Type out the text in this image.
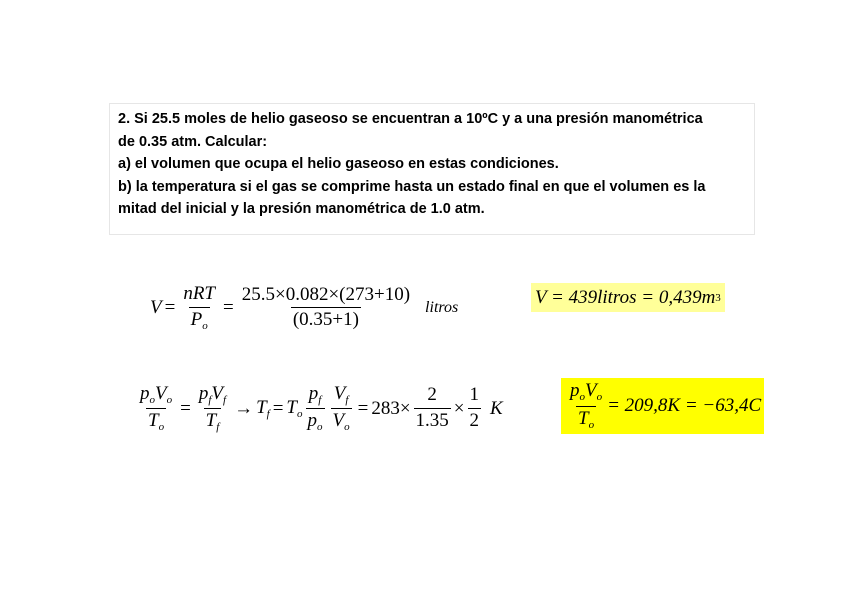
2. Si 25.5 moles de helio gaseoso se encuentran a 10ºC y a una presión manométrica

de 0.35 atm. Calcular:

a) el volumen que ocupa el helio gaseoso en estas condiciones.

b) la temperatura si el gas se comprime hasta un estado final en que el volumen es la

mitad del inicial y la presión manométrica de 1.0 atm.

$V = \frac{\text{nRT}}{P_o} = \frac{25.5\times 0.082\times(273+10)}{(0.35+1)}$ litros	V = 439litros = 0,439m 3
$\frac{p_oV_o}{T_o} = \frac{p_fV_f}{T_f} \to T_f = T_o \frac{p_f}{p_o} \frac{V_f}{V_o} = 283\times \frac{2}{1.35} \times \frac{1}{2}$ K	$\frac{p_oV_o}{T_o} = 209,8K = -63,4C$
